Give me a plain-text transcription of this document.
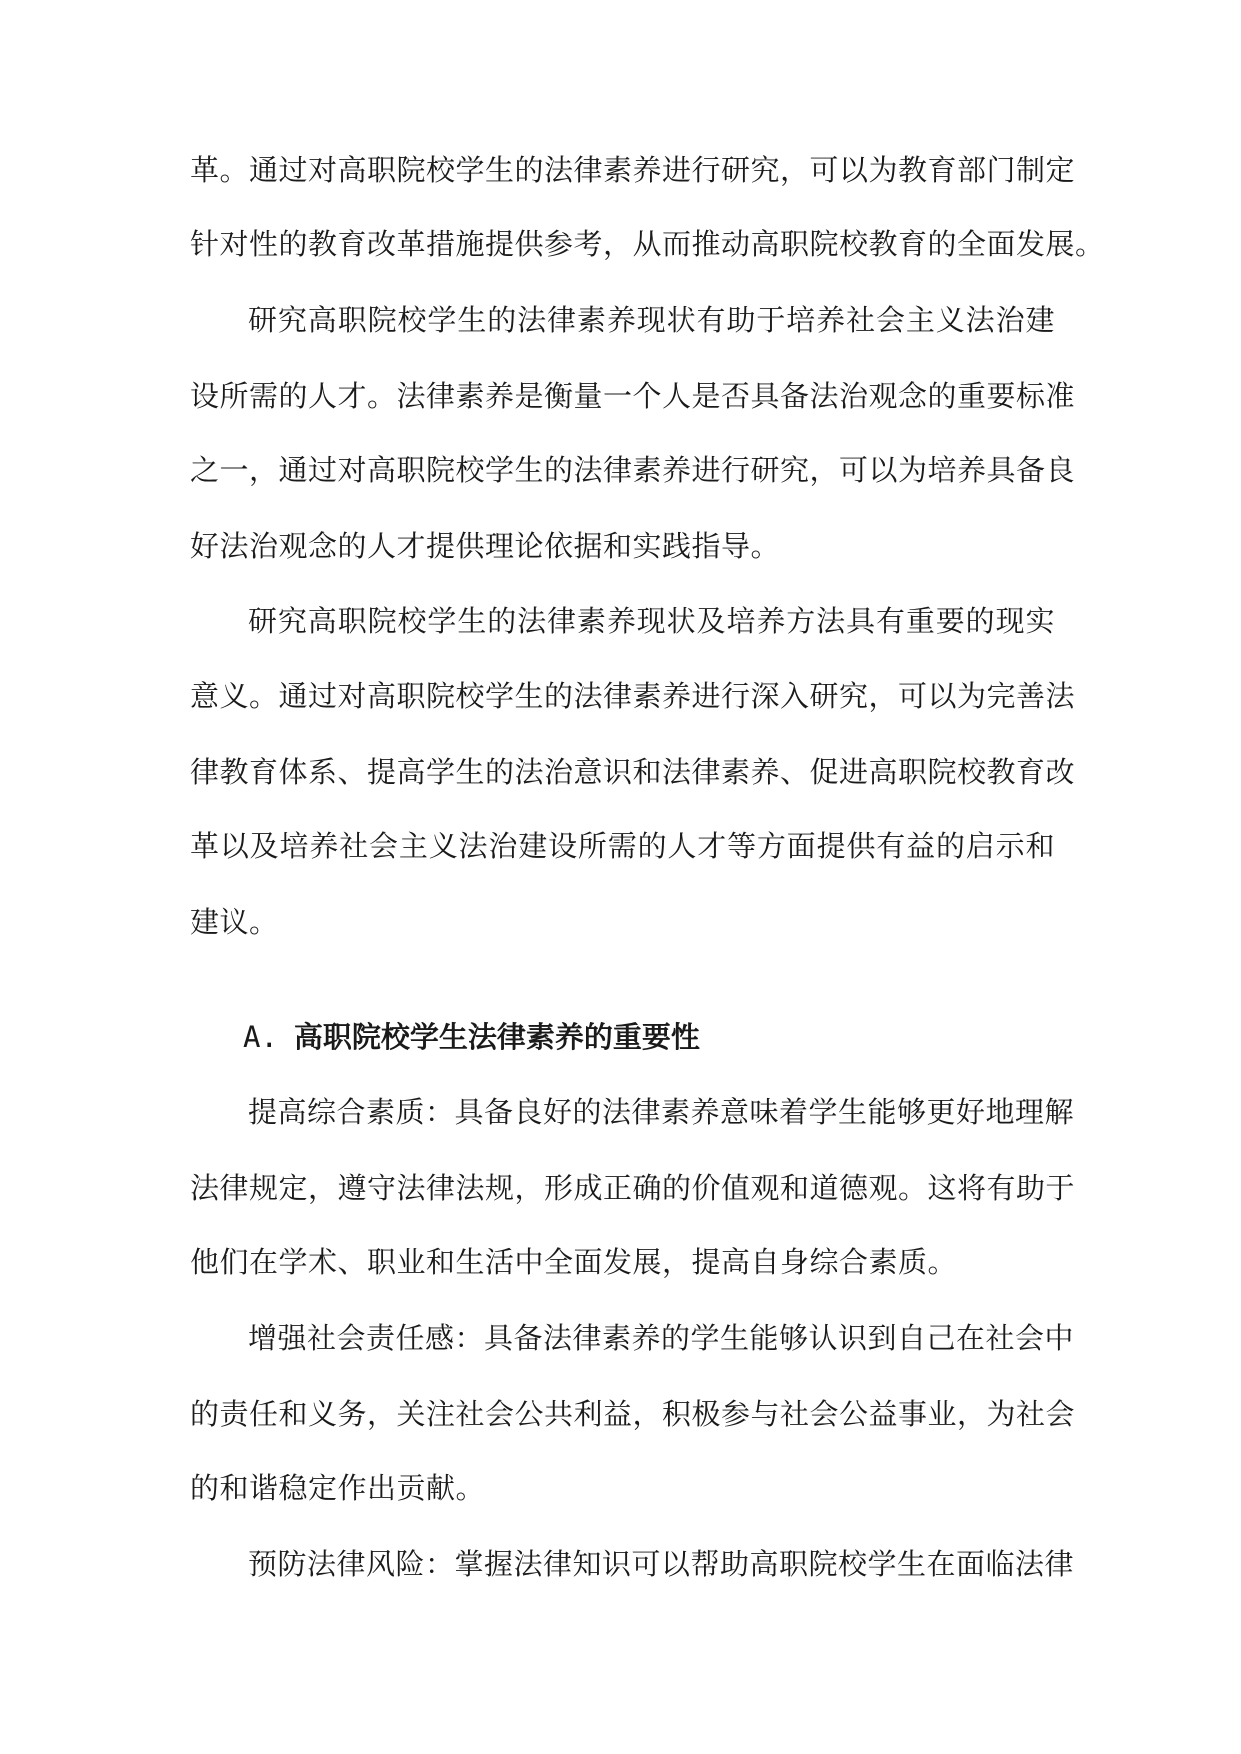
革。通过对高职院校学生的法律素养进行研究，可以为教育部门制定
针对性的教育改革措施提供参考，从而推动高职院校教育的全面发展。
研究高职院校学生的法律素养现状有助于培养社会主义法治建
设所需的人才。法律素养是衡量一个人是否具备法治观念的重要标准
之一，通过对高职院校学生的法律素养进行研究，可以为培养具备良
好法治观念的人才提供理论依据和实践指导。
研究高职院校学生的法律素养现状及培养方法具有重要的现实
意义。通过对高职院校学生的法律素养进行深入研究，可以为完善法
律教育体系、提高学生的法治意识和法律素养、促进高职院校教育改
革以及培养社会主义法治建设所需的人才等方面提供有益的启示和
建议。
A. 高职院校学生法律素养的重要性
提高综合素质：具备良好的法律素养意味着学生能够更好地理解
法律规定，遵守法律法规，形成正确的价值观和道德观。这将有助于
他们在学术、职业和生活中全面发展，提高自身综合素质。
增强社会责任感：具备法律素养的学生能够认识到自己在社会中
的责任和义务，关注社会公共利益，积极参与社会公益事业，为社会
的和谐稳定作出贡献。
预防法律风险：掌握法律知识可以帮助高职院校学生在面临法律
